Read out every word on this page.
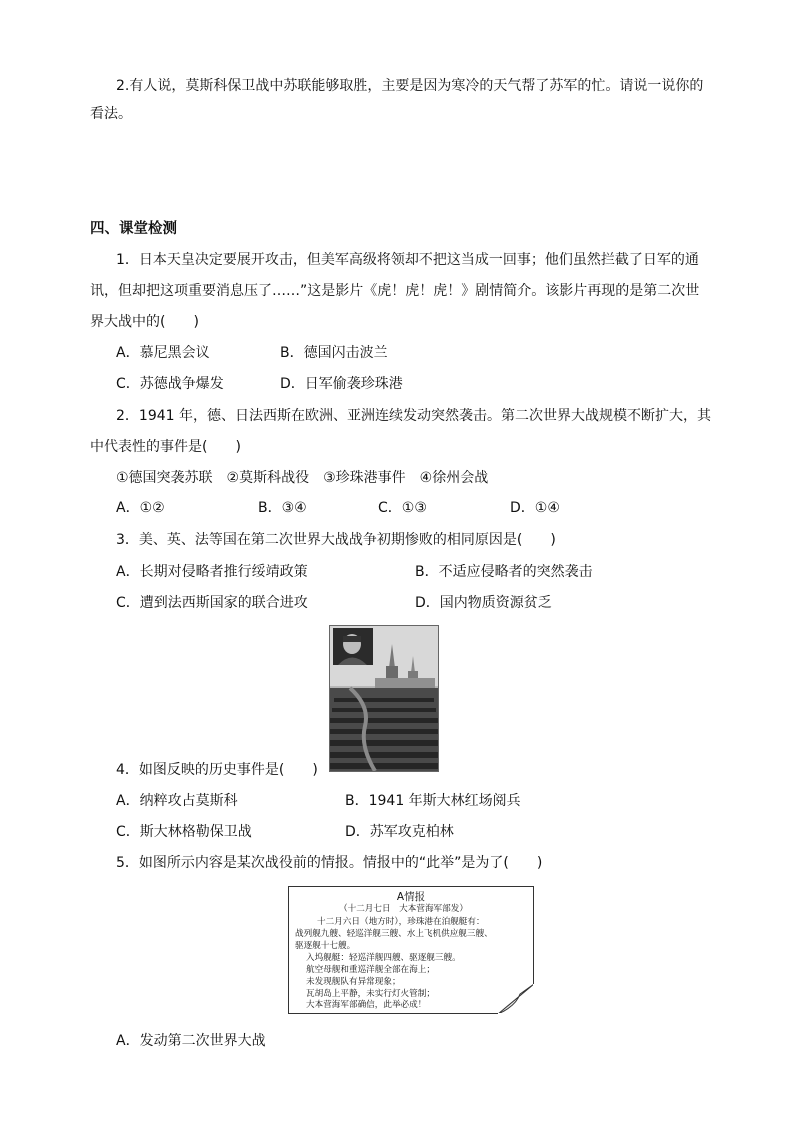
2.有人说，莫斯科保卫战中苏联能够取胜，主要是因为寒冷的天气帮了苏军的忙。请说一说你的
看法。
四、课堂检测
1．日本天皇决定要展开攻击，但美军高级将领却不把这当成一回事；他们虽然拦截了日军的通
讯，但却把这项重要消息压了……”这是影片《虎！虎！虎！》剧情简介。该影片再现的是第二次世
界大战中的(　　)
A．慕尼黑会议	B．德国闪击波兰
C．苏德战争爆发	D．日军偷袭珍珠港
2．1941 年，德、日法西斯在欧洲、亚洲连续发动突然袭击。第二次世界大战规模不断扩大，其
中代表性的事件是(　　)
①德国突袭苏联　②莫斯科战役　③珍珠港事件　④徐州会战
A．①②	B．③④	C．①③	D．①④
3．美、英、法等国在第二次世界大战战争初期惨败的相同原因是(　　)
A．长期对侵略者推行绥靖政策	B．不适应侵略者的突然袭击
C．遭到法西斯国家的联合进攻	D．国内物质资源贫乏
4．如图反映的历史事件是(　　)
A．纳粹攻占莫斯科	B．1941 年斯大林红场阅兵
C．斯大林格勒保卫战	D．苏军攻克柏林
5．如图所示内容是某次战役前的情报。情报中的“此举”是为了(　　)
A情报
（十二月七日　大本营海军部发）
十二月六日（地方时），珍珠港在泊舰艇有：
战列舰九艘、轻巡洋舰三艘、水上飞机供应舰三艘、
驱逐舰十七艘。
入坞舰艇：轻巡洋舰四艘、驱逐舰三艘。
航空母舰和重巡洋舰全部在海上；
未发现舰队有异常现象；
瓦胡岛上平静，未实行灯火管制；
大本营海军部确信，此举必成！
A．发动第二次世界大战
